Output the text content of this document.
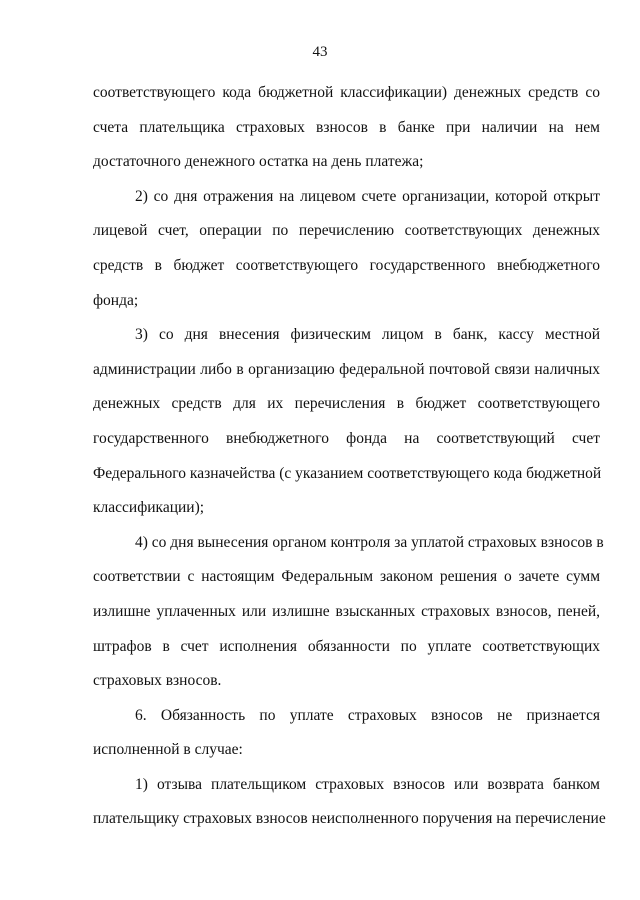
43
соответствующего кода бюджетной классификации) денежных средств со
счета плательщика страховых взносов в банке при наличии на нем
достаточного денежного остатка на день платежа;
2) со дня отражения на лицевом счете организации, которой открыт
лицевой счет, операции по перечислению соответствующих денежных
средств в бюджет соответствующего государственного внебюджетного
фонда;
3) со дня внесения физическим лицом в банк, кассу местной
администрации либо в организацию федеральной почтовой связи наличных
денежных средств для их перечисления в бюджет соответствующего
государственного внебюджетного фонда на соответствующий счет
Федерального казначейства (с указанием соответствующего кода бюджетной
классификации);
4) со дня вынесения органом контроля за уплатой страховых взносов в
соответствии с настоящим Федеральным законом решения о зачете сумм
излишне уплаченных или излишне взысканных страховых взносов, пеней,
штрафов в счет исполнения обязанности по уплате соответствующих
страховых взносов.
6. Обязанность по уплате страховых взносов не признается
исполненной в случае:
1) отзыва плательщиком страховых взносов или возврата банком
плательщику страховых взносов неисполненного поручения на перечисление
